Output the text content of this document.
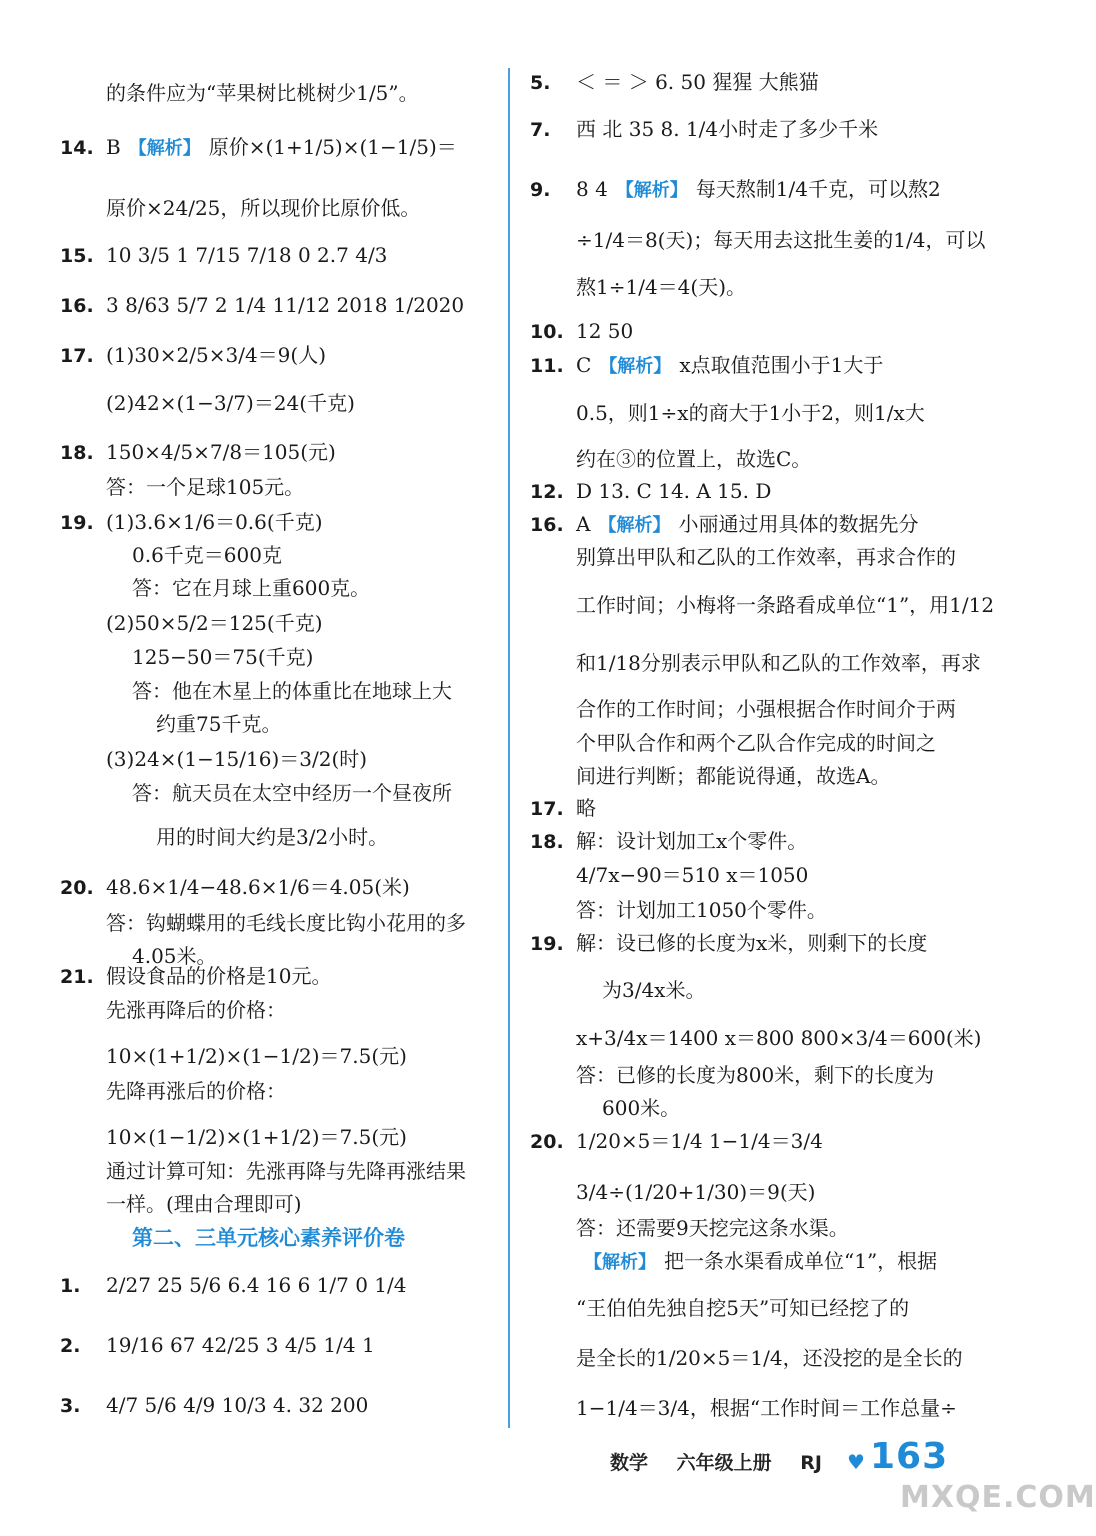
的条件应为“苹果树比桃树少1/5”。
14. B 【解析】 原价×(1+1/5)×(1−1/5)＝
原价×24/25，所以现价比原价低。
15. 10 3/5 1 7/15 7/18 0 2.7 4/3
16. 3 8/63 5/7 2 1/4 11/12 2018 1/2020
17. (1)30×2/5×3/4＝9(人)
(2)42×(1−3/7)＝24(千克)
18. 150×4/5×7/8＝105(元)
答：一个足球105元。
19. (1)3.6×1/6＝0.6(千克)
0.6千克＝600克
答：它在月球上重600克。
(2)50×5/2＝125(千克)
125−50＝75(千克)
答：他在木星上的体重比在地球上大
约重75千克。
(3)24×(1−15/16)＝3/2(时)
答：航天员在太空中经历一个昼夜所
用的时间大约是3/2小时。
20. 48.6×1/4−48.6×1/6＝4.05(米)
答：钩蝴蝶用的毛线长度比钩小花用的多
4.05米。
21. 假设食品的价格是10元。
先涨再降后的价格：
10×(1+1/2)×(1−1/2)＝7.5(元)
先降再涨后的价格：
10×(1−1/2)×(1+1/2)＝7.5(元)
通过计算可知：先涨再降与先降再涨结果
一样。(理由合理即可)
第二、三单元核心素养评价卷
1. 2/27 25 5/6 6.4 16 6 1/7 0 1/4
2. 19/16 67 42/25 3 4/5 1/4 1
3. 4/7 5/6 4/9 10/3 4. 32 200
5. ＜ ＝ ＞ 6. 50 猩猩 大熊猫
7. 西 北 35 8. 1/4小时走了多少千米
9. 8 4 【解析】 每天熬制1/4千克，可以熬2
÷1/4＝8(天)；每天用去这批生姜的1/4，可以
熬1÷1/4＝4(天)。
10. 12 50
11. C 【解析】 x点取值范围小于1大于
0.5，则1÷x的商大于1小于2，则1/x大
约在③的位置上，故选C。
12. D 13. C 14. A 15. D
16. A 【解析】 小丽通过用具体的数据先分
别算出甲队和乙队的工作效率，再求合作的
工作时间；小梅将一条路看成单位“1”，用1/12
和1/18分别表示甲队和乙队的工作效率，再求
合作的工作时间；小强根据合作时间介于两
个甲队合作和两个乙队合作完成的时间之
间进行判断；都能说得通，故选A。
17. 略
18. 解：设计划加工x个零件。
4/7x−90＝510 x＝1050
答：计划加工1050个零件。
19. 解：设已修的长度为x米，则剩下的长度
为3/4x米。
x+3/4x＝1400 x＝800 800×3/4＝600(米)
答：已修的长度为800米，剩下的长度为
600米。
20. 1/20×5＝1/4 1−1/4＝3/4
3/4÷(1/20+1/30)＝9(天)
答：还需要9天挖完这条水渠。
【解析】 把一条水渠看成单位“1”，根据
“王伯伯先独自挖5天”可知已经挖了的
是全长的1/20×5＝1/4，还没挖的是全长的
1−1/4＝3/4，根据“工作时间＝工作总量÷
数学 六年级上册 RJ	♥ 163
MXQE.COM
